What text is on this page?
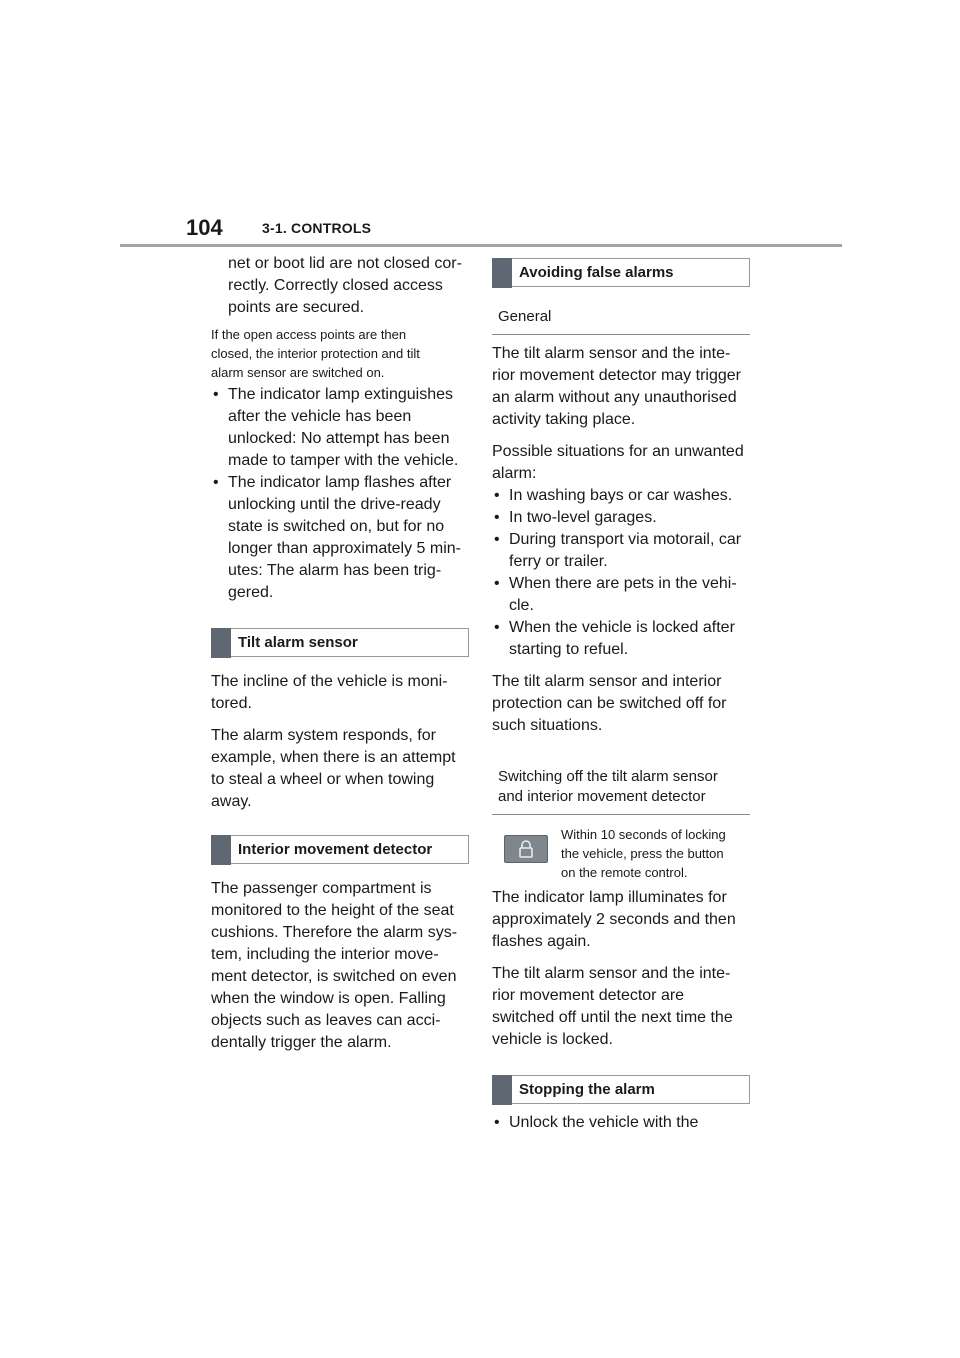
104	3-1. CONTROLS

net or boot lid are not closed cor-
rectly. Correctly closed access
points are secured.

If the open access points are then
closed, the interior protection and tilt
alarm sensor are switched on.

• The indicator lamp extinguishes
after the vehicle has been
unlocked: No attempt has been
made to tamper with the vehicle.
• The indicator lamp flashes after
unlocking until the drive-ready
state is switched on, but for no
longer than approximately 5 min-
utes: The alarm has been trig-
gered.
Tilt alarm sensor

The incline of the vehicle is moni-
tored.

The alarm system responds, for
example, when there is an attempt
to steal a wheel or when towing
away.

Interior movement detector

The passenger compartment is
monitored to the height of the seat
cushions. Therefore the alarm sys-
tem, including the interior move-
ment detector, is switched on even
when the window is open. Falling
objects such as leaves can acci-
dentally trigger the alarm.

Avoiding false alarms
General

The tilt alarm sensor and the inte-
rior movement detector may trigger
an alarm without any unauthorised
activity taking place.

Possible situations for an unwanted
alarm:

• In washing bays or car washes.
• In two-level garages.
• During transport via motorail, car
ferry or trailer.
• When there are pets in the vehi-
cle.
• When the vehicle is locked after
starting to refuel.

The tilt alarm sensor and interior
protection can be switched off for
such situations.

Switching off the tilt alarm sensor
and interior movement detector

Within 10 seconds of locking
the vehicle, press the button
on the remote control.

The indicator lamp illuminates for
approximately 2 seconds and then
flashes again.

The tilt alarm sensor and the inte-
rior movement detector are
switched off until the next time the
vehicle is locked.

Stopping the alarm
• Unlock the vehicle with the
